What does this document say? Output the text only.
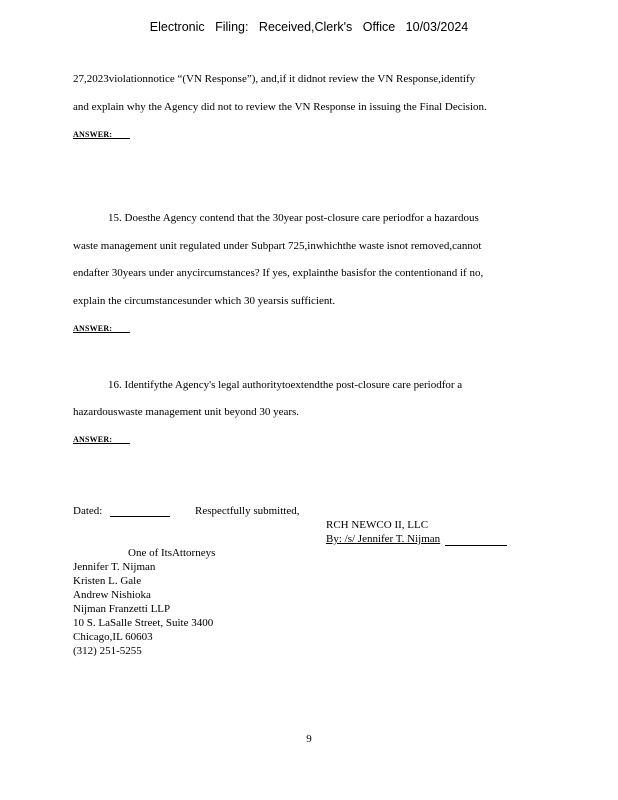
Electronic Filing: Received,Clerk's Office 10/03/2024
27,2023violationnotice “(VN Response”), and,if it didnot review the VN Response,identify
and explain why the Agency did not to review the VN Response in issuing the Final Decision.
ANSWER:
15. Doesthe Agency contend that the 30year post-closure care periodfor a hazardous
waste management unit regulated under Subpart 725,inwhichthe waste isnot removed,cannot
endafter 30years under anycircumstances? If yes, explainthe basisfor the contentionand if no,
explain the circumstancesunder which 30 yearsis sufficient.
ANSWER:
16. Identifythe Agency's legal authoritytoextendthe post-closure care periodfor a
hazardouswaste management unit beyond 30 years.
ANSWER:
Dated:	Respectfully submitted,
RCH NEWCO II, LLC
By: /s/ Jennifer T. Nijman
One of ItsAttorneys
Jennifer T. Nijman
Kristen L. Gale
Andrew Nishioka
Nijman Franzetti LLP
10 S. LaSalle Street, Suite 3400
Chicago,IL 60603
(312) 251-5255
9
